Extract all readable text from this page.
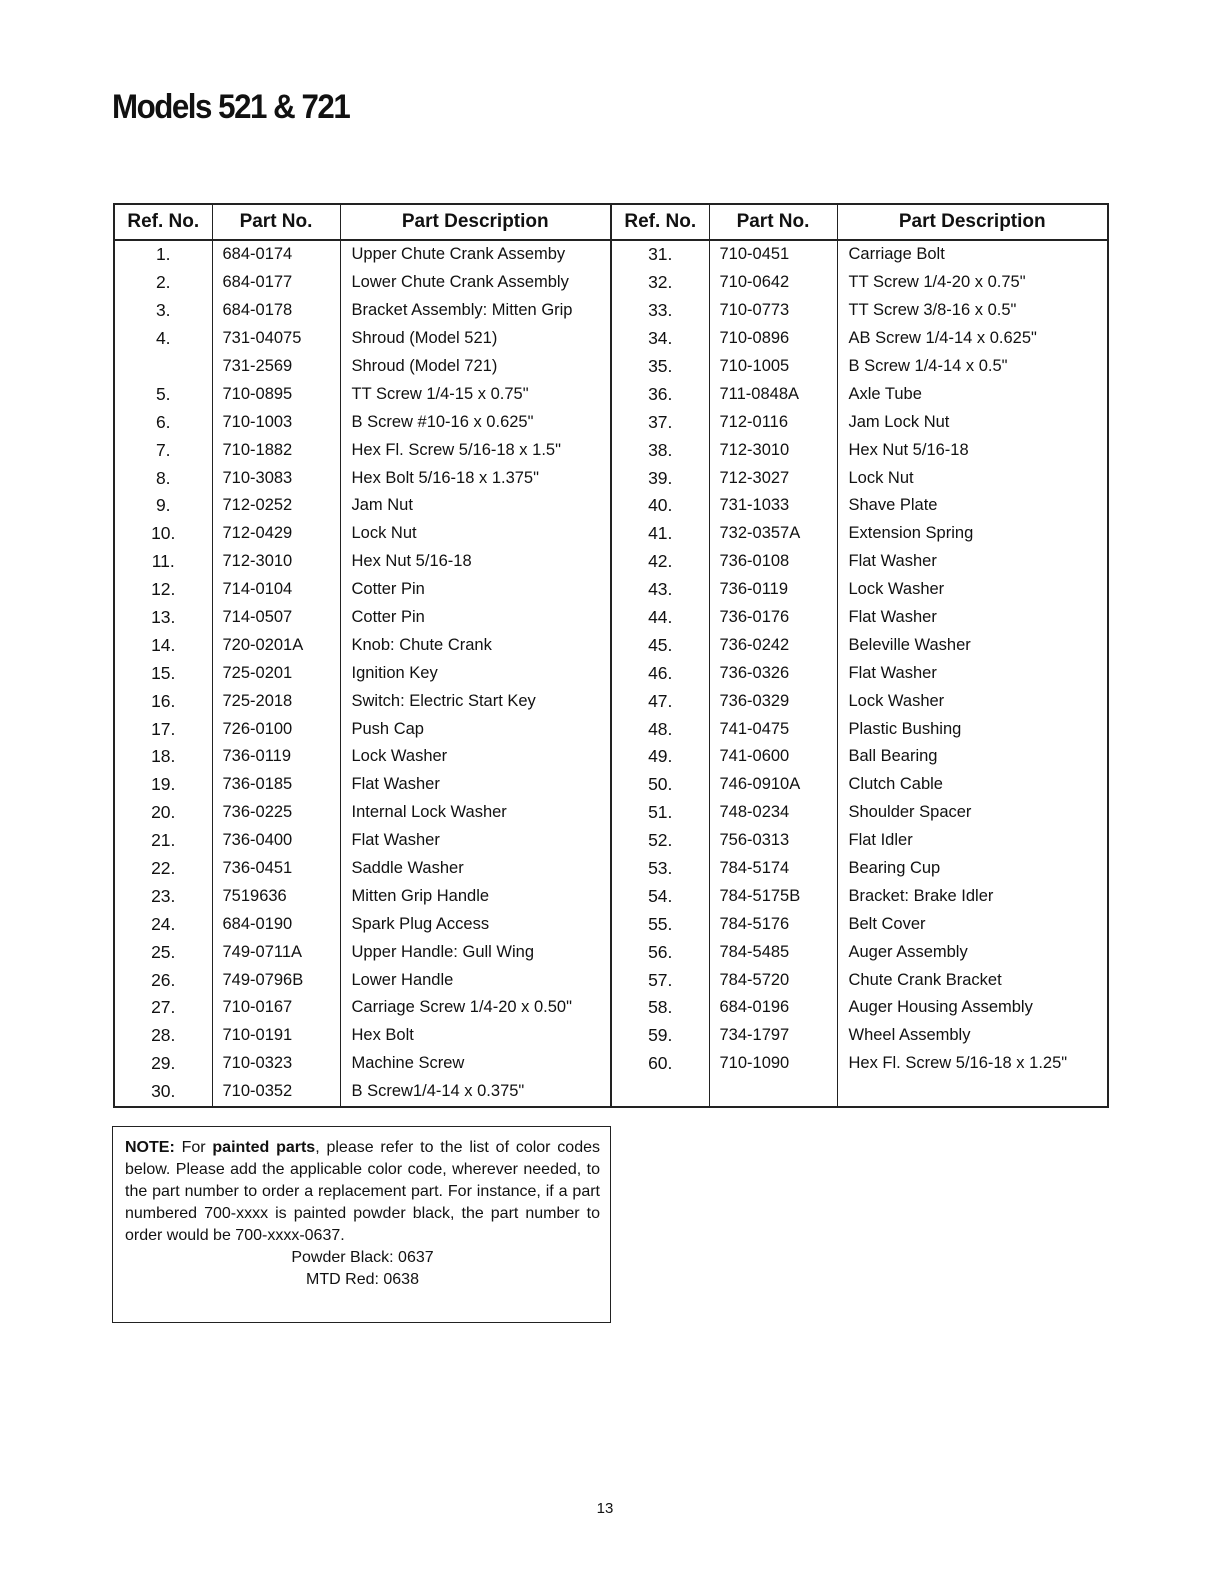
Models 521 & 721
Ref. No.	Part No.	Part Description
1.	684-0174	Upper Chute Crank Assemby
2.	684-0177	Lower Chute Crank Assembly
3.	684-0178	Bracket Assembly: Mitten Grip
4.	731-04075	Shroud (Model 521)
	731-2569	Shroud (Model 721)
5.	710-0895	TT Screw 1/4-15 x 0.75"
6.	710-1003	B Screw #10-16 x 0.625"
7.	710-1882	Hex Fl. Screw 5/16-18 x 1.5"
8.	710-3083	Hex Bolt 5/16-18 x 1.375"
9.	712-0252	Jam Nut
10.	712-0429	Lock Nut
11.	712-3010	Hex Nut 5/16-18
12.	714-0104	Cotter Pin
13.	714-0507	Cotter Pin
14.	720-0201A	Knob: Chute Crank
15.	725-0201	Ignition Key
16.	725-2018	Switch: Electric Start Key
17.	726-0100	Push Cap
18.	736-0119	Lock Washer
19.	736-0185	Flat Washer
20.	736-0225	Internal Lock Washer
21.	736-0400	Flat Washer
22.	736-0451	Saddle Washer
23.	7519636	Mitten Grip Handle
24.	684-0190	Spark Plug Access
25.	749-0711A	Upper Handle: Gull Wing
26.	749-0796B	Lower Handle
27.	710-0167	Carriage Screw 1/4-20 x 0.50"
28.	710-0191	Hex Bolt
29.	710-0323	Machine Screw
30.	710-0352	B Screw1/4-14 x 0.375"
Ref. No.	Part No.	Part Description
31.	710-0451	Carriage Bolt
32.	710-0642	TT Screw 1/4-20 x 0.75"
33.	710-0773	TT Screw 3/8-16 x 0.5"
34.	710-0896	AB Screw 1/4-14 x 0.625"
35.	710-1005	B Screw 1/4-14 x 0.5"
36.	711-0848A	Axle Tube
37.	712-0116	Jam Lock Nut
38.	712-3010	Hex Nut 5/16-18
39.	712-3027	Lock Nut
40.	731-1033	Shave Plate
41.	732-0357A	Extension Spring
42.	736-0108	Flat Washer
43.	736-0119	Lock Washer
44.	736-0176	Flat Washer
45.	736-0242	Beleville Washer
46.	736-0326	Flat Washer
47.	736-0329	Lock Washer
48.	741-0475	Plastic Bushing
49.	741-0600	Ball Bearing
50.	746-0910A	Clutch Cable
51.	748-0234	Shoulder Spacer
52.	756-0313	Flat Idler
53.	784-5174	Bearing Cup
54.	784-5175B	Bracket: Brake Idler
55.	784-5176	Belt Cover
56.	784-5485	Auger Assembly
57.	784-5720	Chute Crank Bracket
58.	684-0196	Auger Housing Assembly
59.	734-1797	Wheel Assembly
60.	710-1090	Hex Fl. Screw 5/16-18 x 1.25"

NOTE: For painted parts, please refer to the list of color codes below. Please add the applicable color code, wherever needed, to the part number to order a replacement part. For instance, if a part numbered 700-xxxx is painted powder black, the part number to order would be 700-xxxx-0637.

Powder Black: 0637

MTD Red: 0638

13
